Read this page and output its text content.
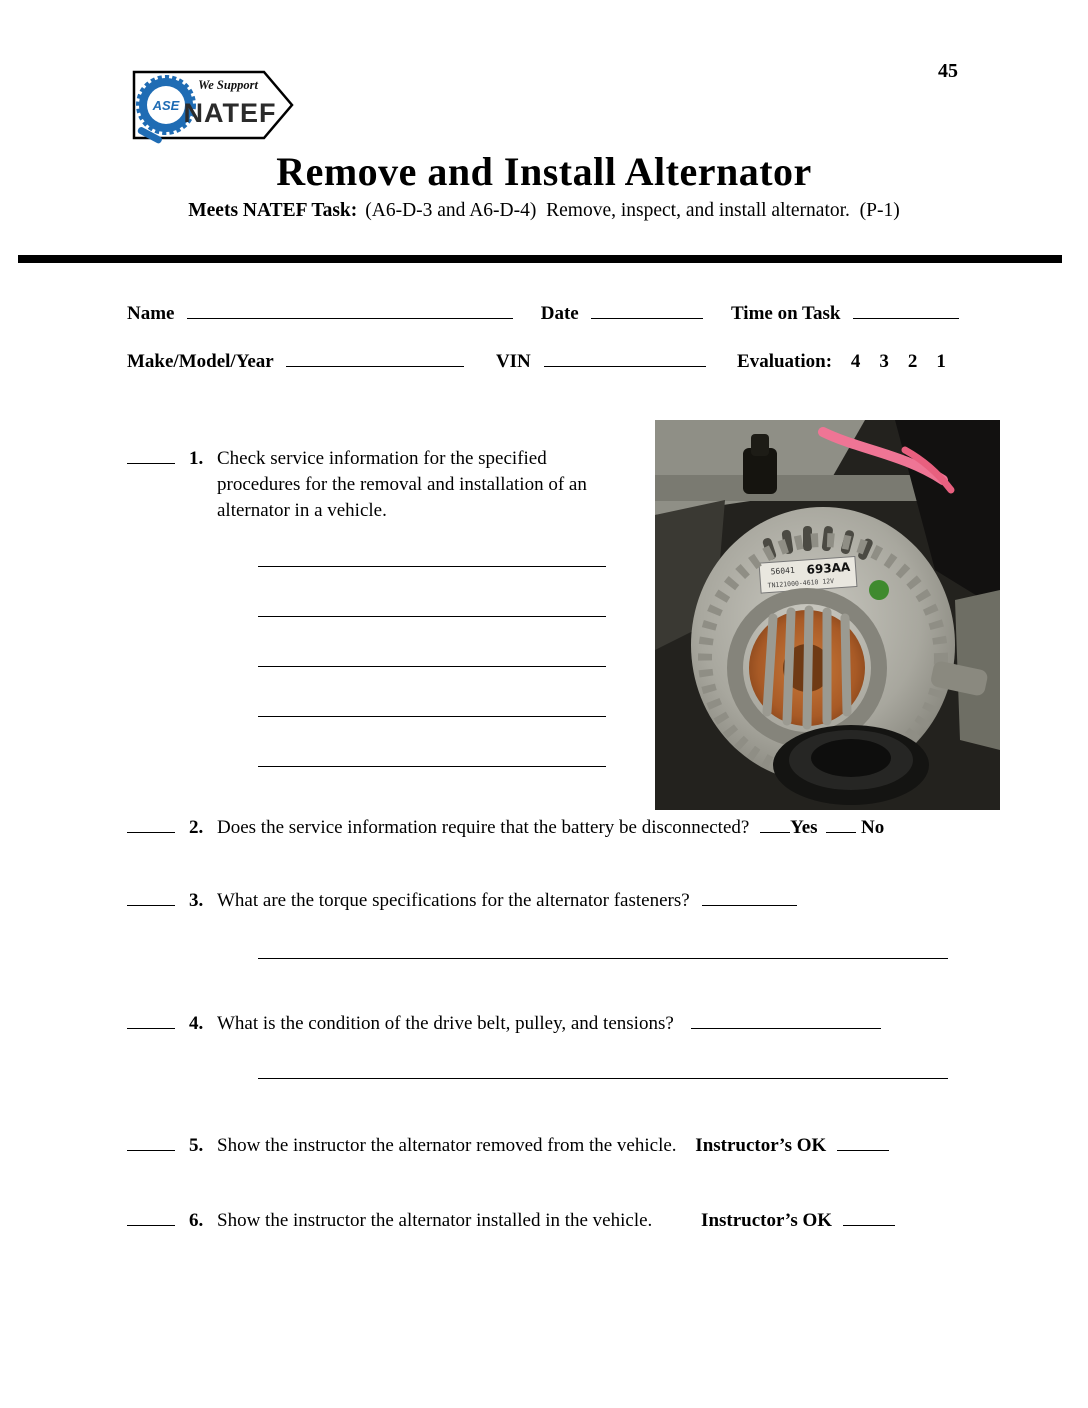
45
ASE
We Support
NATEF
Remove and Install Alternator
Meets NATEF Task: (A6-D-3 and A6-D-4)  Remove, inspect, and install alternator.  (P-1)
Name	Date	Time on Task
Make/Model/Year	VIN	Evaluation: 4    3    2    1
1. Check service information for the specified procedures for the removal and installation of an alternator in a vehicle.
56041 693AA
TN121000-4610 12V
DENSO
2. Does the service information require that the battery be disconnected? Yes No
3. What are the torque specifications for the alternator fasteners?
4. What is the condition of the drive belt, pulley, and tensions?
5. Show the instructor the alternator removed from the vehicle. Instructor’s OK
6. Show the instructor the alternator installed in the vehicle.	Instructor’s OK
